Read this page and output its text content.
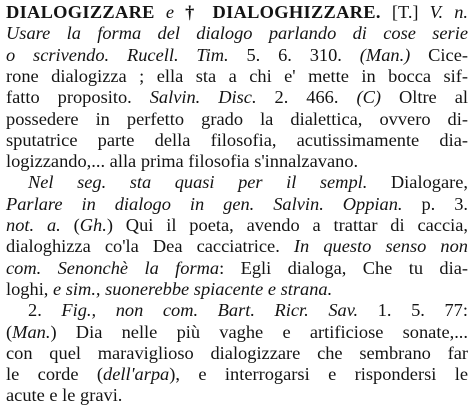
DIALOGIZZARE e † DIALOGHIZZARE. [T.] V. n.
Usare la forma del dialogo parlando di cose serie
o scrivendo. Rucell. Tim. 5. 6. 310. (Man.) Cice-
rone dialogizza ; ella sta a chi e' mette in bocca sif-
fatto proposito. Salvin. Disc. 2. 466. (C) Oltre al
possedere in perfetto grado la dialettica, ovvero di-
sputatrice parte della filosofia, acutissimamente dia-
logizzando,... alla prima filosofia s'innalzavano.
Nel seg. sta quasi per il sempl. Dialogare,
Parlare in dialogo in gen. Salvin. Oppian. p. 3.
not. a. (Gh.) Qui il poeta, avendo a trattar di caccia,
dialoghizza co'la Dea cacciatrice. In questo senso non
com. Senonchè la forma: Egli dialoga, Che tu dia-
loghi, e sim., suonerebbe spiacente e strana.
2. Fig., non com. Bart. Ricr. Sav. 1. 5. 77:
(Man.) Dia nelle più vaghe e artificiose sonate,...
con quel maraviglioso dialogizzare che sembrano far
le corde (dell'arpa), e interrogarsi e rispondersi le
acute e le gravi.
